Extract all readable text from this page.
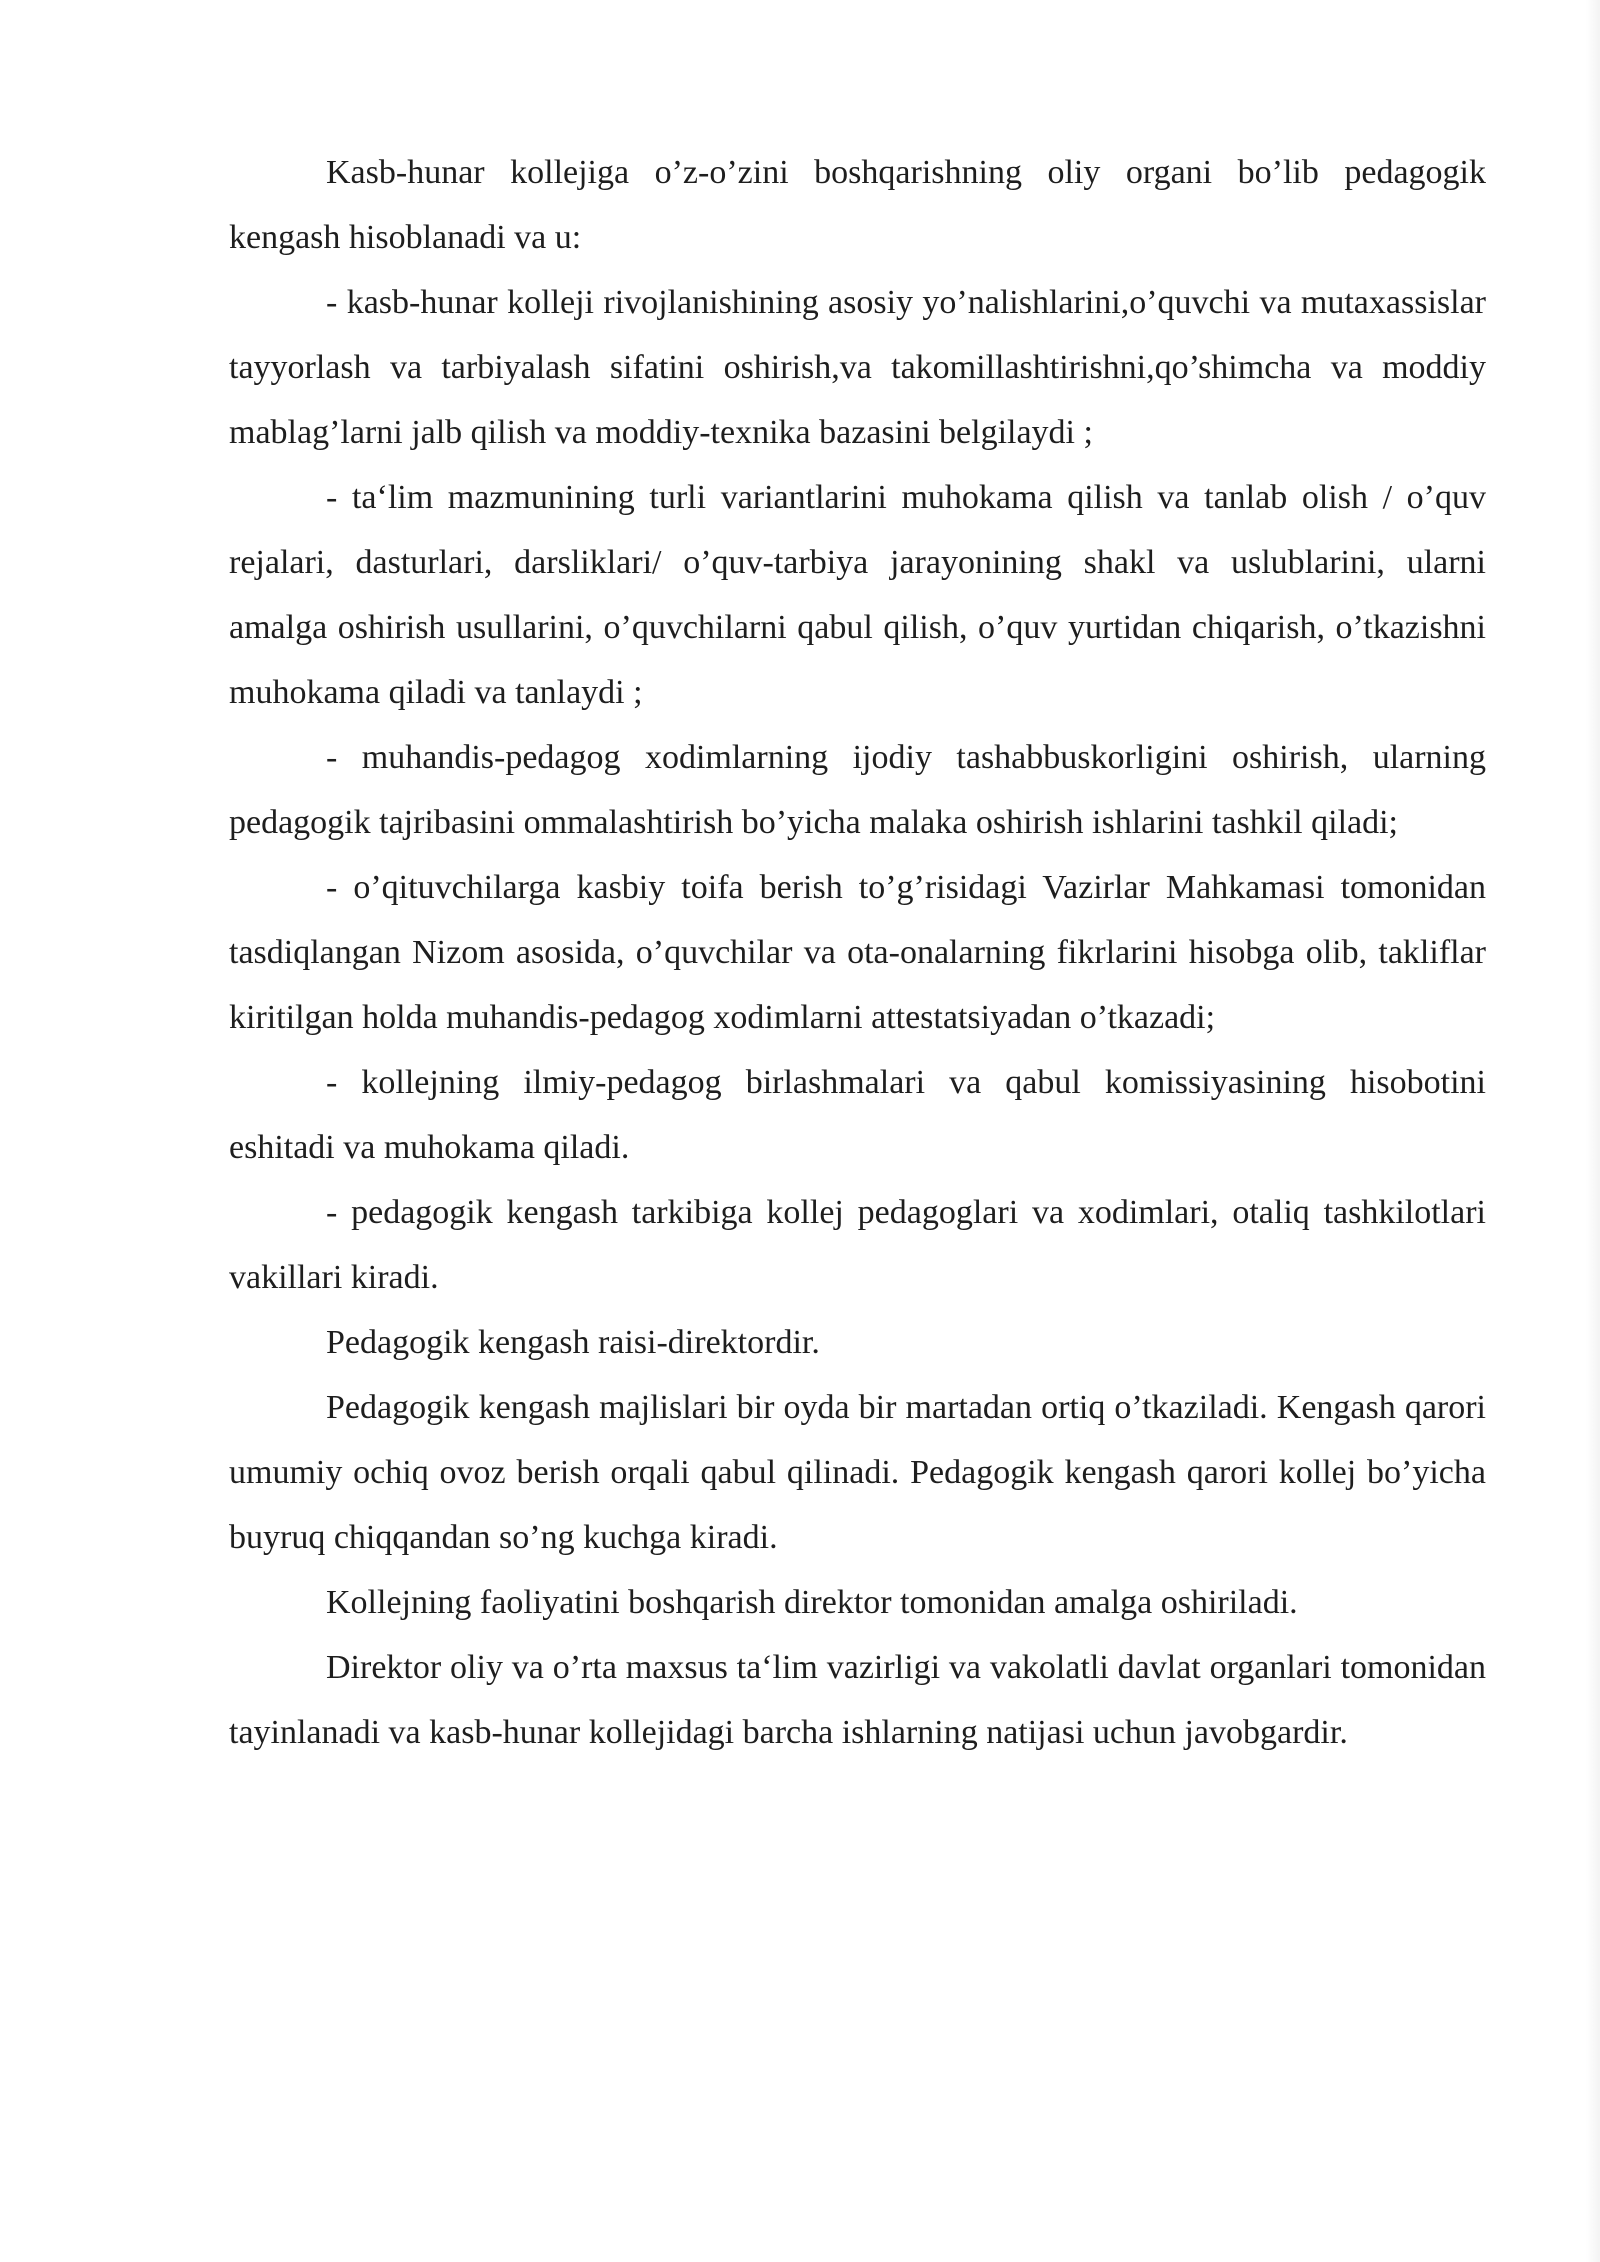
Kasb-hunar kollejiga o’z-o’zini boshqarishning oliy organi bo’lib pedagogik kengash hisoblanadi va u:

- kasb-hunar kolleji rivojlanishining asosiy yo’nalishlarini,o’quvchi va mutaxassislar tayyorlash va tarbiyalash sifatini oshirish,va takomillashtirishni,qo’shimcha va moddiy mablag’larni jalb qilish va moddiy-texnika bazasini belgilaydi ;

- ta‘lim mazmunining turli variantlarini muhokama qilish va tanlab olish / o’quv rejalari, dasturlari, darsliklari/ o’quv-tarbiya jarayonining shakl va uslublarini, ularni amalga oshirish usullarini, o’quvchilarni qabul qilish, o’quv yurtidan chiqarish, o’tkazishni muhokama qiladi va tanlaydi ;

- muhandis-pedagog xodimlarning ijodiy tashabbuskorligini oshirish, ularning pedagogik tajribasini ommalashtirish bo’yicha malaka oshirish ishlarini tashkil qiladi;

- o’qituvchilarga kasbiy toifa berish to’g’risidagi Vazirlar Mahkamasi tomonidan tasdiqlangan Nizom asosida, o’quvchilar va ota-onalarning fikrlarini hisobga olib, takliflar kiritilgan holda muhandis-pedagog xodimlarni attestatsiyadan o’tkazadi;

- kollejning ilmiy-pedagog birlashmalari va qabul komissiyasining hisobotini eshitadi va muhokama qiladi.

- pedagogik kengash tarkibiga kollej pedagoglari va xodimlari, otaliq tashkilotlari vakillari kiradi.

Pedagogik kengash raisi-direktordir.

Pedagogik kengash majlislari bir oyda bir martadan ortiq o’tkaziladi. Kengash qarori umumiy ochiq ovoz berish orqali qabul qilinadi. Pedagogik kengash qarori kollej bo’yicha buyruq chiqqandan so’ng kuchga kiradi.

Kollejning faoliyatini boshqarish direktor tomonidan amalga oshiriladi.

Direktor oliy va o’rta maxsus ta‘lim vazirligi va vakolatli davlat organlari tomonidan tayinlanadi va kasb-hunar kollejidagi barcha ishlarning natijasi uchun javobgardir.
